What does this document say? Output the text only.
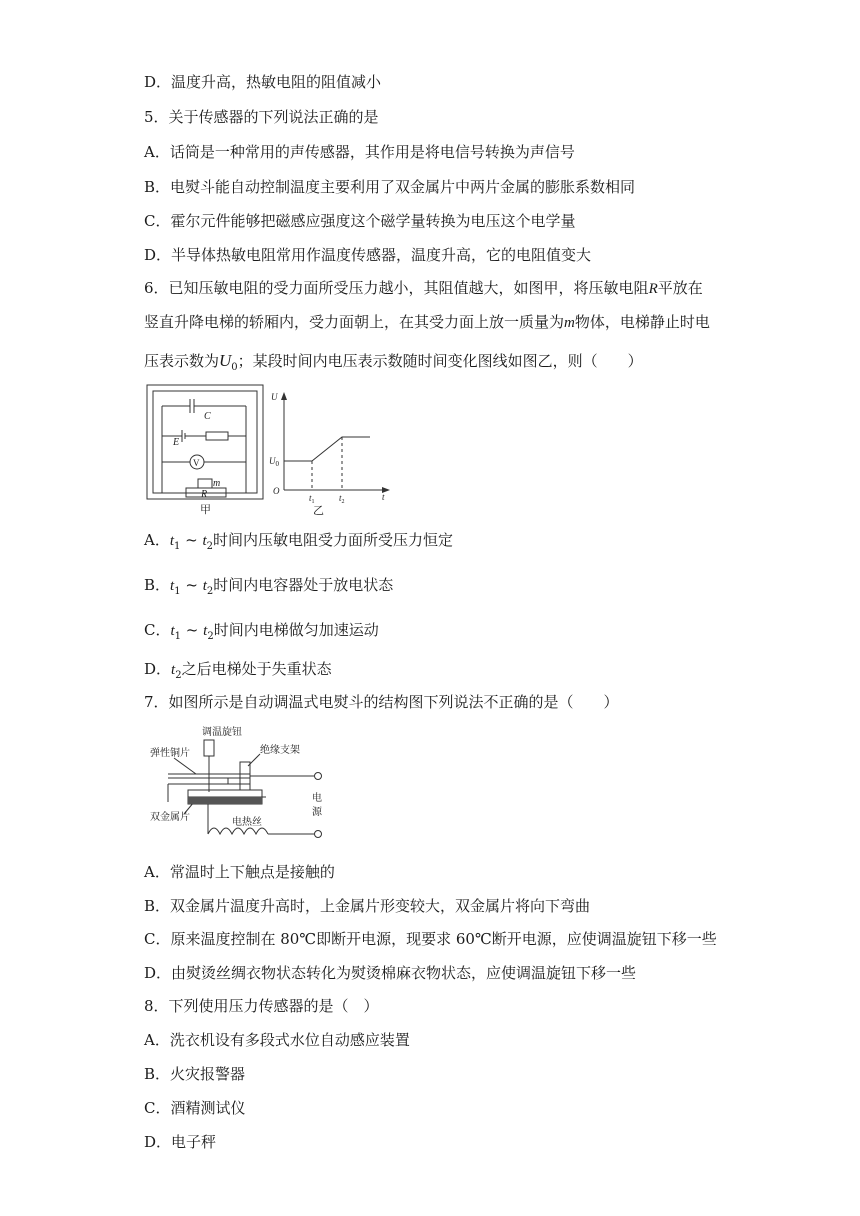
D．温度升高，热敏电阻的阻值减小
5．关于传感器的下列说法正确的是
A．话筒是一种常用的声传感器，其作用是将电信号转换为声信号
B．电熨斗能自动控制温度主要利用了双金属片中两片金属的膨胀系数相同
C．霍尔元件能够把磁感应强度这个磁学量转换为电压这个电学量
D．半导体热敏电阻常用作温度传感器，温度升高，它的电阻值变大
6．已知压敏电阻的受力面所受压力越小，其阻值越大，如图甲，将压敏电阻R平放在
竖直升降电梯的轿厢内，受力面朝上，在其受力面上放一质量为m物体，电梯静止时电
压表示数为$U_0$；某段时间内电压表示数随时间变化图线如图乙，则（　　）
C
E
V
m
R
甲
U
$U_0$
O
$t_1$	$t_2$	t
乙
A．$t_1$ ~ $t_2$时间内压敏电阻受力面所受压力恒定
B．$t_1$ ~ $t_2$时间内电容器处于放电状态
C．$t_1$ ~ $t_2$时间内电梯做匀加速运动
D．$t_2$之后电梯处于失重状态
7．如图所示是自动调温式电熨斗的结构图下列说法不正确的是（　　）
调温旋钮
弹性铜片	绝缘支架
电
源
双金属片	电热丝
A．常温时上下触点是接触的
B．双金属片温度升高时，上金属片形变较大，双金属片将向下弯曲
C．原来温度控制在 80℃即断开电源，现要求 60℃断开电源，应使调温旋钮下移一些
D．由熨烫丝绸衣物状态转化为熨烫棉麻衣物状态，应使调温旋钮下移一些
8．下列使用压力传感器的是（　）
A．洗衣机设有多段式水位自动感应装置
B．火灾报警器
C．酒精测试仪
D．电子秤
